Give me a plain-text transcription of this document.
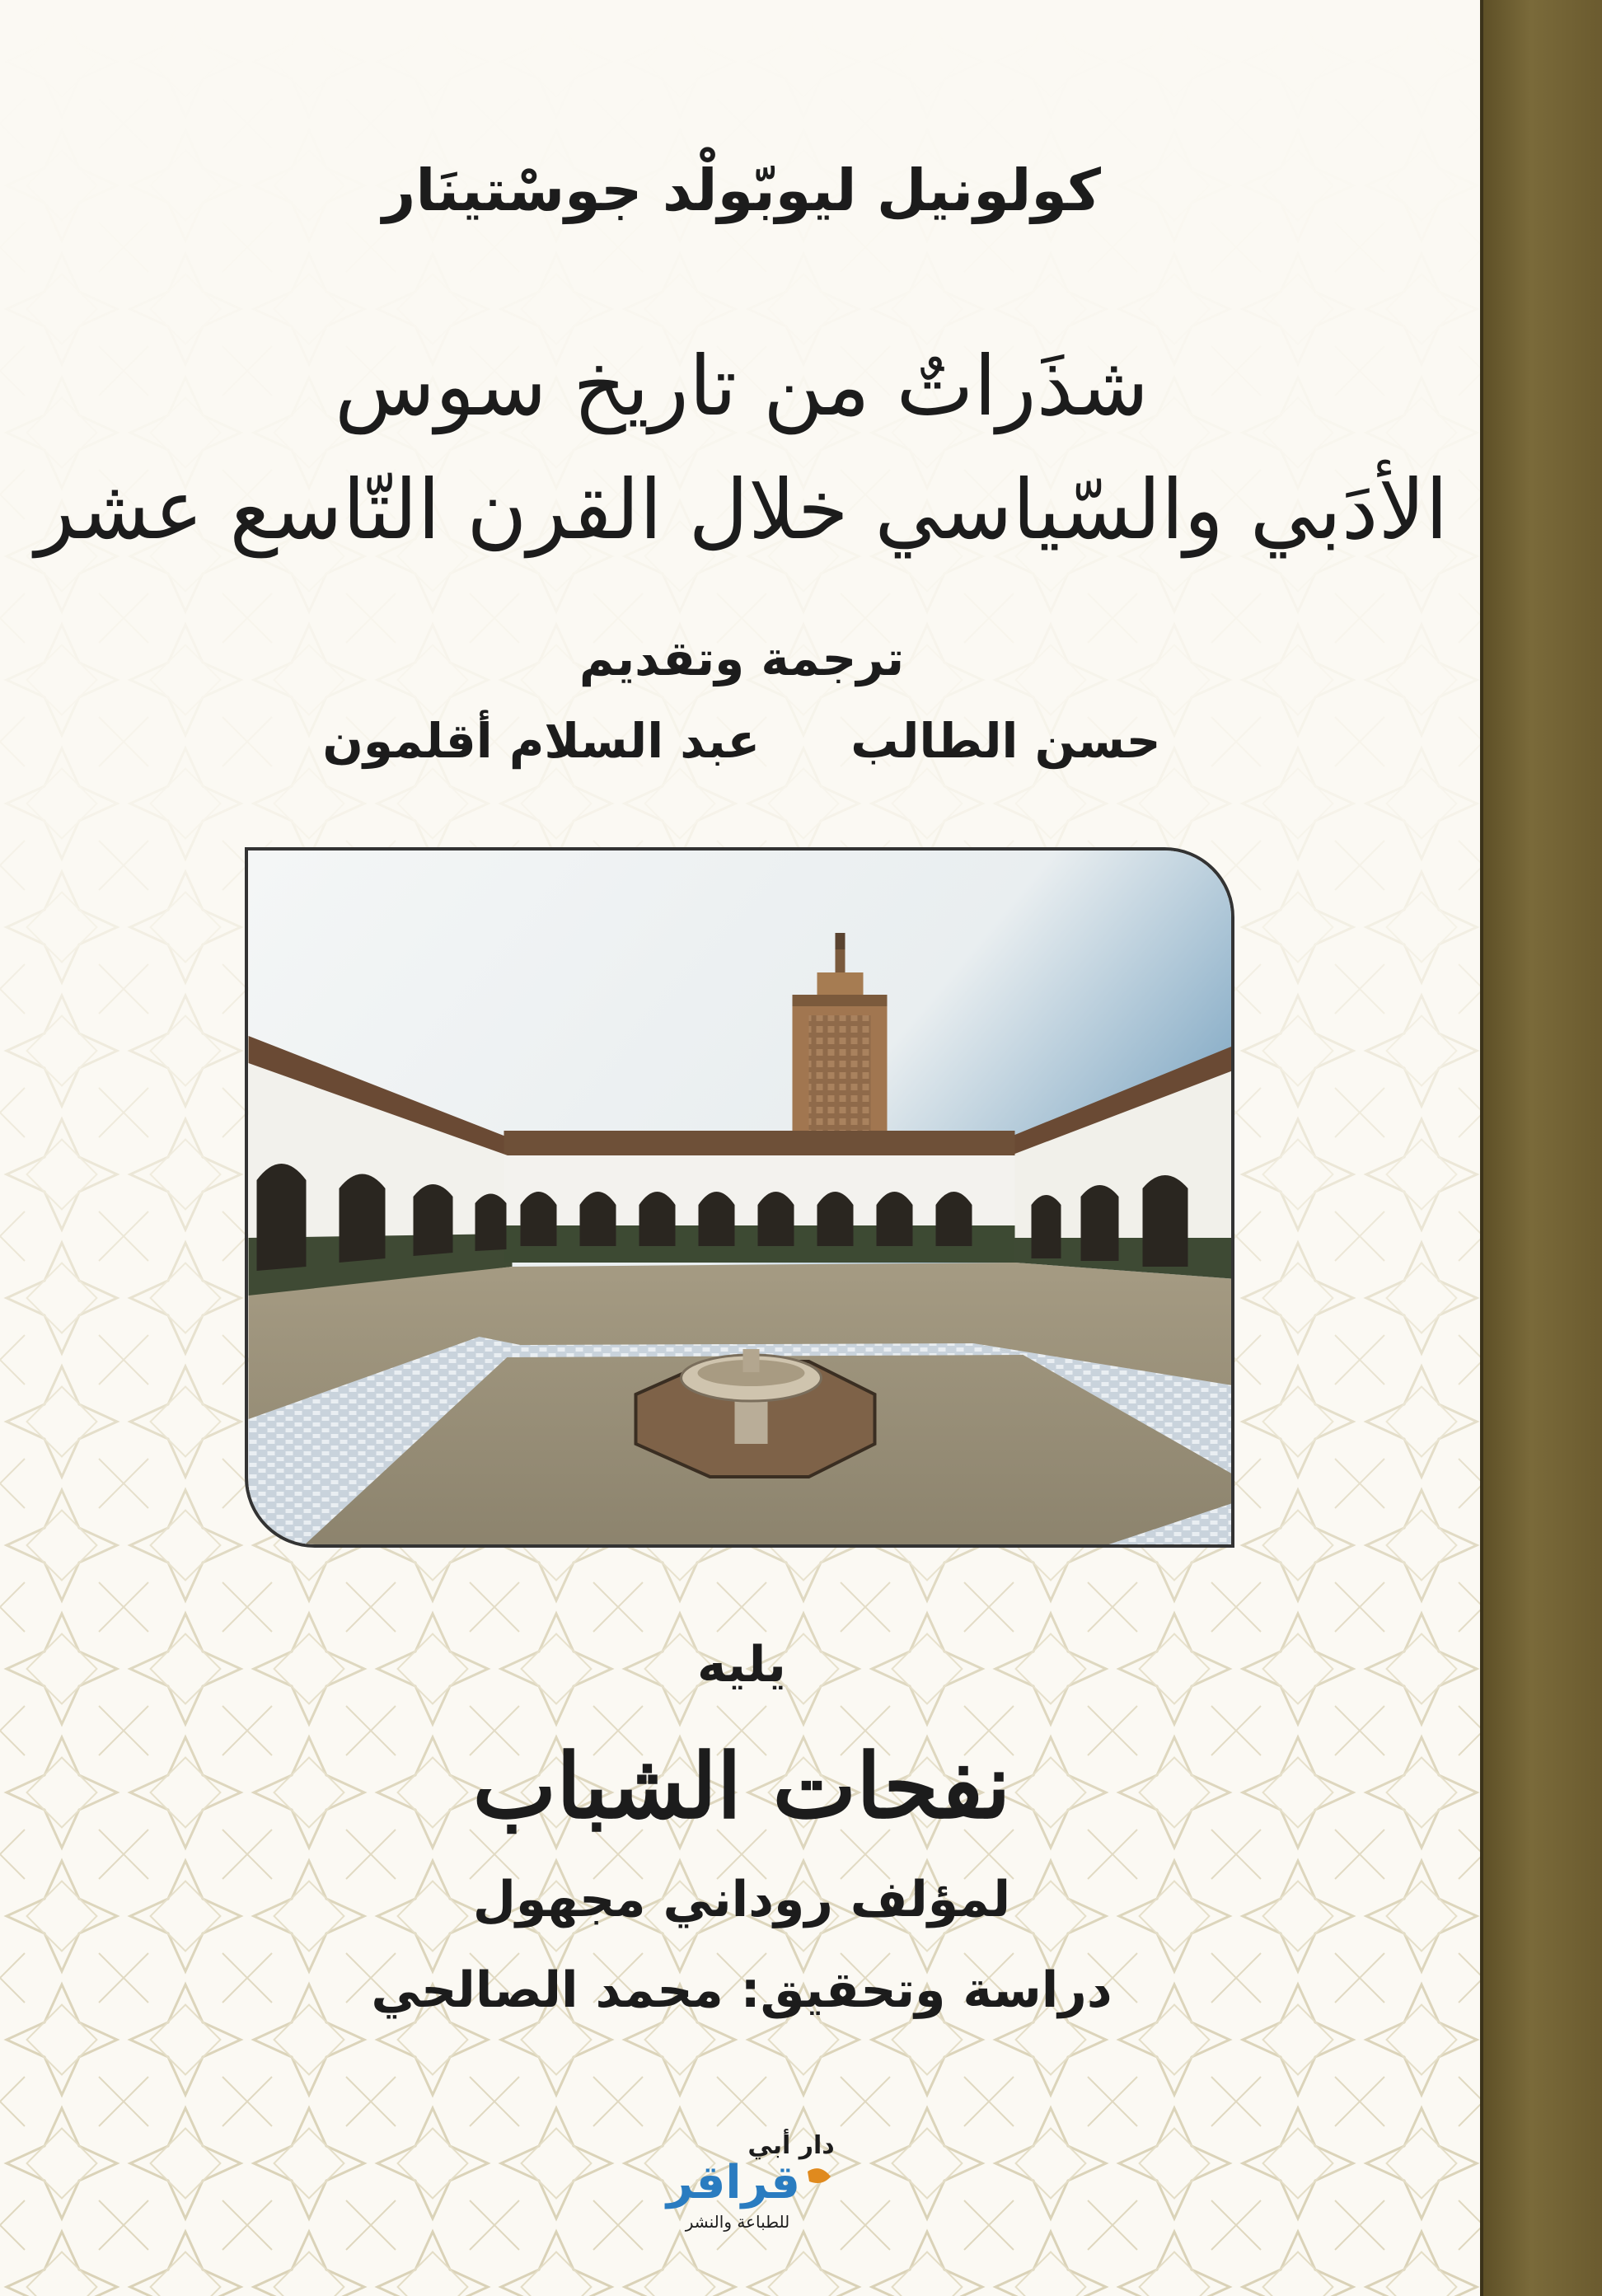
كولونيل ليوبّولْد جوسْتينَار
شذَراتٌ من تاريخ سوس
الأدَبي والسّياسي خلال القرن التّاسع عشر
ترجمة وتقديم
حسن الطالب عبد السلام أقلمون
يليه
نفحات الشباب
لمؤلف روداني مجهول
دراسة وتحقيق: محمد الصالحي
دار أبي
قراقر
للطباعة والنشر
